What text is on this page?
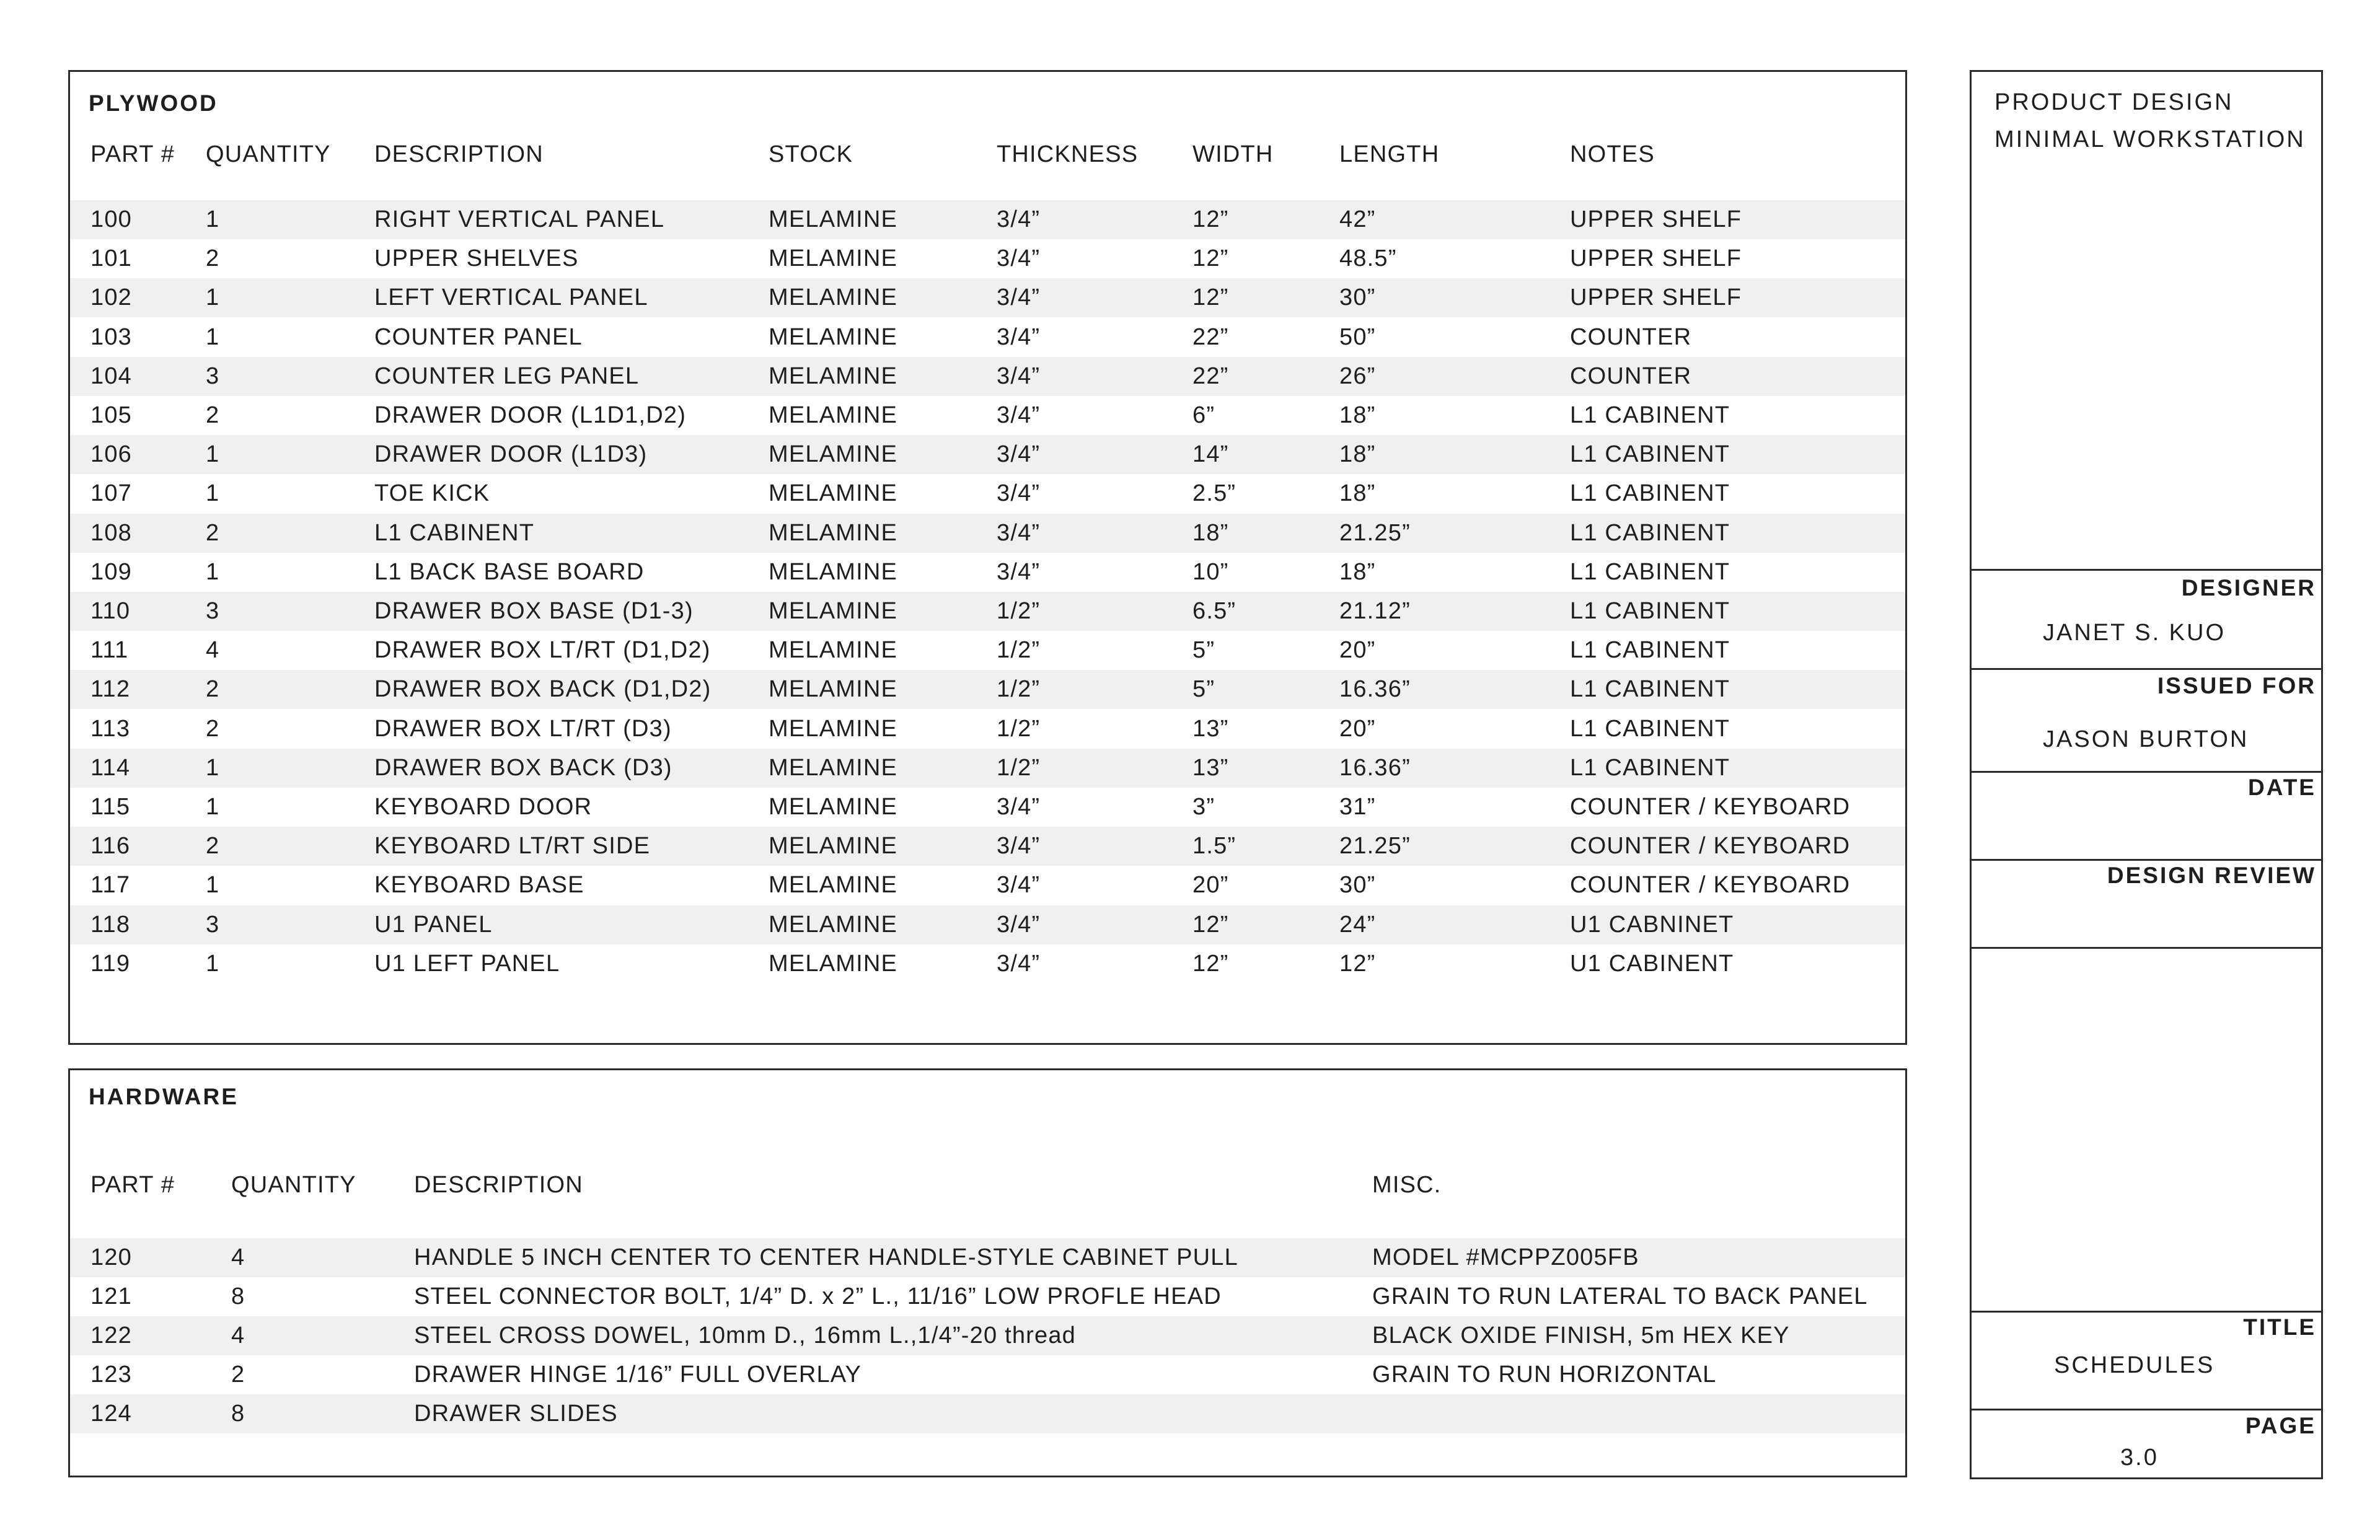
PLYWOOD
PART # QUANTITY DESCRIPTION	STOCK	THICKNESS WIDTH	LENGTH	NOTES
100	1	RIGHT VERTICAL PANEL	MELAMINE	3/4”	12”	42”	UPPER SHELF
101	2	UPPER SHELVES	MELAMINE	3/4”	12”	48.5”	UPPER SHELF
102	1	LEFT VERTICAL PANEL	MELAMINE	3/4”	12”	30”	UPPER SHELF
103	1	COUNTER PANEL	MELAMINE	3/4”	22”	50”	COUNTER
104	3	COUNTER LEG PANEL	MELAMINE	3/4”	22”	26”	COUNTER
105	2	DRAWER DOOR (L1D1,D2)	MELAMINE	3/4”	6”	18”	L1 CABINENT
106	1	DRAWER DOOR (L1D3)	MELAMINE	3/4”	14”	18”	L1 CABINENT
107	1	TOE KICK	MELAMINE	3/4”	2.5”	18”	L1 CABINENT
108	2	L1 CABINENT	MELAMINE	3/4”	18”	21.25”	L1 CABINENT
109	1	L1 BACK BASE BOARD	MELAMINE	3/4”	10”	18”	L1 CABINENT
110	3	DRAWER BOX BASE (D1-3)	MELAMINE	1/2”	6.5”	21.12”	L1 CABINENT
111	4	DRAWER BOX LT/RT (D1,D2) MELAMINE	1/2”	5”	20”	L1 CABINENT
112	2	DRAWER BOX BACK (D1,D2) MELAMINE	1/2”	5”	16.36”	L1 CABINENT
113	2	DRAWER BOX LT/RT (D3)	MELAMINE	1/2”	13”	20”	L1 CABINENT
114	1	DRAWER BOX BACK (D3)	MELAMINE	1/2”	13”	16.36”	L1 CABINENT
115	1	KEYBOARD DOOR	MELAMINE	3/4”	3”	31”	COUNTER / KEYBOARD
116	2	KEYBOARD LT/RT SIDE	MELAMINE	3/4”	1.5”	21.25”	COUNTER / KEYBOARD
117	1	KEYBOARD BASE	MELAMINE	3/4”	20”	30”	COUNTER / KEYBOARD
118	3	U1 PANEL	MELAMINE	3/4”	12”	24”	U1 CABNINET
119	1	U1 LEFT PANEL	MELAMINE	3/4”	12”	12”	U1 CABINENT
HARDWARE
PART # QUANTITY DESCRIPTION	MISC.
120	4	HANDLE 5 INCH CENTER TO CENTER HANDLE-STYLE CABINET PULL	MODEL #MCPPZ005FB
121	8	STEEL CONNECTOR BOLT, 1/4” D. x 2” L., 11/16” LOW PROFLE HEAD	GRAIN TO RUN LATERAL TO BACK PANEL
122	4	STEEL CROSS DOWEL, 10mm D., 16mm L.,1/4”-20 thread	BLACK OXIDE FINISH, 5m HEX KEY
123	2	DRAWER HINGE 1/16” FULL OVERLAY	GRAIN TO RUN HORIZONTAL
124	8	DRAWER SLIDES
PRODUCT DESIGN
MINIMAL WORKSTATION
DESIGNER
JANET S. KUO
ISSUED FOR
JASON BURTON
DATE
DESIGN REVIEW
TITLE
SCHEDULES
PAGE
3.0
